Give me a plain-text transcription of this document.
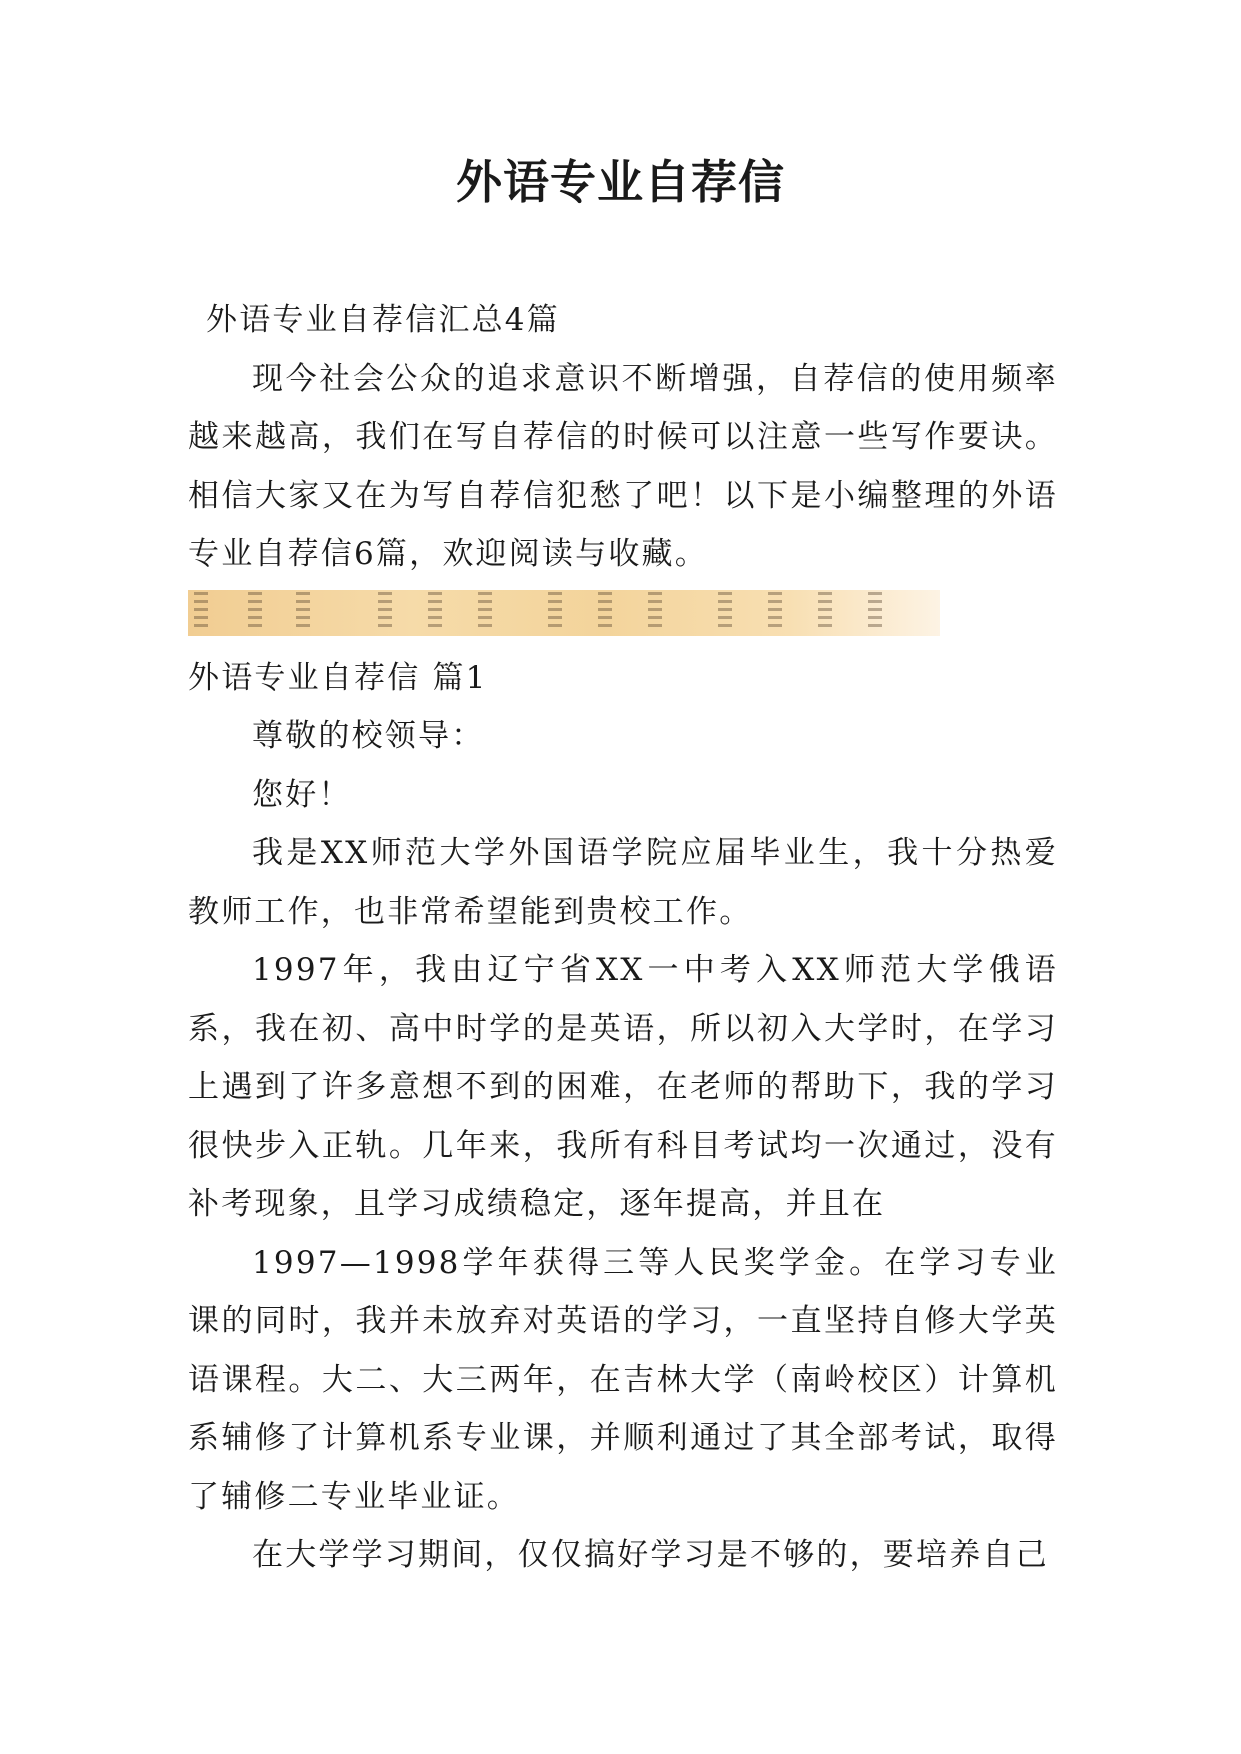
外语专业自荐信

外语专业自荐信汇总4篇

现今社会公众的追求意识不断增强，自荐信的使用频率越来越高，我们在写自荐信的时候可以注意一些写作要诀。相信大家又在为写自荐信犯愁了吧！以下是小编整理的外语专业自荐信6篇，欢迎阅读与收藏。

外语专业自荐信 篇1

尊敬的校领导：

您好！

我是XX师范大学外国语学院应届毕业生，我十分热爱教师工作，也非常希望能到贵校工作。

1997年，我由辽宁省XX一中考入XX师范大学俄语系，我在初、高中时学的是英语，所以初入大学时，在学习上遇到了许多意想不到的困难，在老师的帮助下，我的学习很快步入正轨。几年来，我所有科目考试均一次通过，没有补考现象，且学习成绩稳定，逐年提高，并且在

1997—1998学年获得三等人民奖学金。在学习专业课的同时，我并未放弃对英语的学习，一直坚持自修大学英语课程。大二、大三两年，在吉林大学（南岭校区）计算机系辅修了计算机系专业课，并顺利通过了其全部考试，取得了辅修二专业毕业证。

在大学学习期间，仅仅搞好学习是不够的，要培养自己
